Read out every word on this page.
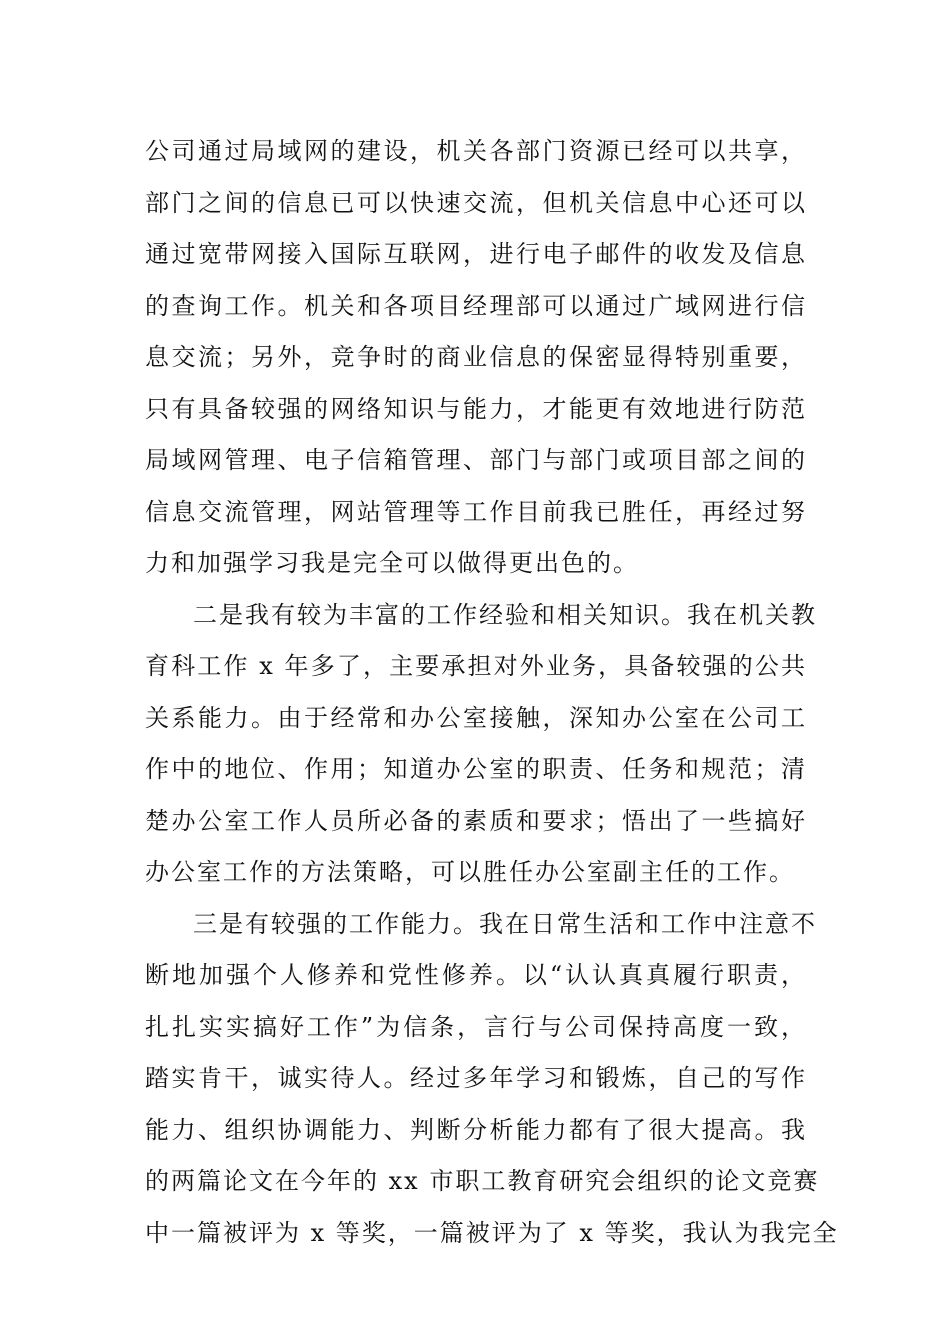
公司通过局域网的建设，机关各部门资源已经可以共享，
部门之间的信息已可以快速交流，但机关信息中心还可以
通过宽带网接入国际互联网，进行电子邮件的收发及信息
的查询工作。机关和各项目经理部可以通过广域网进行信
息交流；另外，竞争时的商业信息的保密显得特别重要，
只有具备较强的网络知识与能力，才能更有效地进行防范
局域网管理、电子信箱管理、部门与部门或项目部之间的
信息交流管理，网站管理等工作目前我已胜任，再经过努
力和加强学习我是完全可以做得更出色的。

二是我有较为丰富的工作经验和相关知识。我在机关教
育科工作 x 年多了，主要承担对外业务，具备较强的公共
关系能力。由于经常和办公室接触，深知办公室在公司工
作中的地位、作用；知道办公室的职责、任务和规范；清
楚办公室工作人员所必备的素质和要求；悟出了一些搞好
办公室工作的方法策略，可以胜任办公室副主任的工作。

三是有较强的工作能力。我在日常生活和工作中注意不
断地加强个人修养和党性修养。以“认认真真履行职责，
扎扎实实搞好工作”为信条，言行与公司保持高度一致，
踏实肯干，诚实待人。经过多年学习和锻炼，自己的写作
能力、组织协调能力、判断分析能力都有了很大提高。我
的两篇论文在今年的 xx 市职工教育研究会组织的论文竞赛
中一篇被评为 x 等奖，一篇被评为了 x 等奖，我认为我完全
